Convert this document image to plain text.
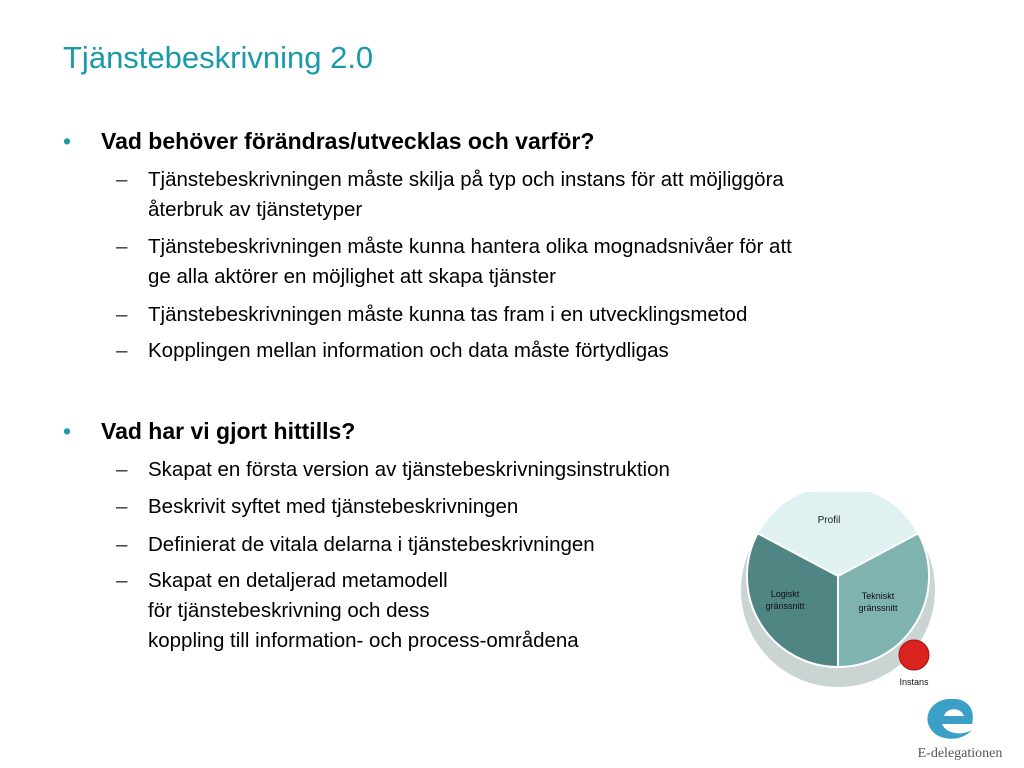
Tjänstebeskrivning 2.0
•	Vad behöver förändras/utvecklas och varför?
–	Tjänstebeskrivningen måste skilja på typ och instans för att möjliggöra
återbruk av tjänstetyper
–	Tjänstebeskrivningen måste kunna hantera olika mognadsnivåer för att
ge alla aktörer en möjlighet att skapa tjänster
–	Tjänstebeskrivningen måste kunna tas fram i en utvecklingsmetod
–	Kopplingen mellan information och data måste förtydligas
•	Vad har vi gjort hittills?
–	Skapat en första version av tjänstebeskrivningsinstruktion
–	Beskrivit syftet med tjänstebeskrivningen
–	Definierat de vitala delarna i tjänstebeskrivningen
–	Skapat en detaljerad metamodell
för tjänstebeskrivning och dess
koppling till information- och process-områdena
Profil
Logiskt
gränssnitt
Tekniskt
gränssnitt
Instans
E-delegationen
